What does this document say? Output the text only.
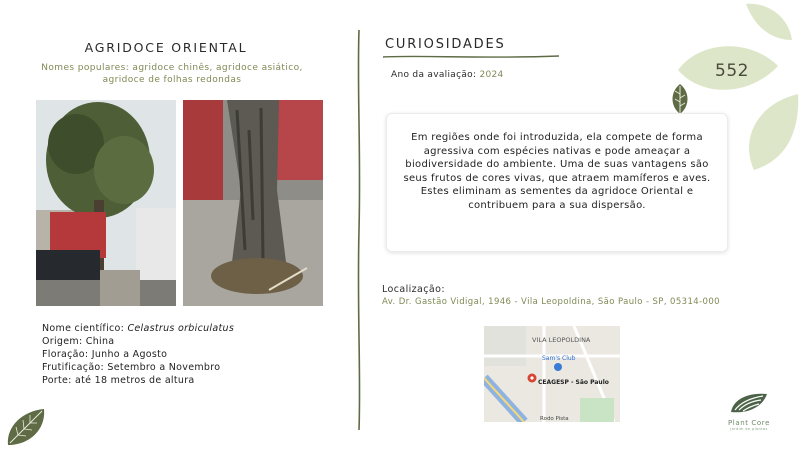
552
AGRIDOCE ORIENTAL
Nomes populares: agridoce chinês, agridoce asiático, agridoce de folhas redondas
Nome científico: Celastrus orbiculatus
Origem: China
Floração: Junho a Agosto
Frutificação: Setembro a Novembro
Porte: até 18 metros de altura
CURIOSIDADES
Ano da avaliação: 2024

Em regiões onde foi introduzida, ela compete de forma agressiva com espécies nativas e pode ameaçar a biodiversidade do ambiente. Uma de suas vantagens são seus frutos de cores vivas, que atraem mamíferos e aves. Estes eliminam as sementes da agridoce Oriental e contribuem para a sua dispersão.

Localização:
Av. Dr. Gastão Vidigal, 1946 - Vila Leopoldina, São Paulo - SP, 05314-000
VILA LEOPOLDINA
Sam's Club
CEAGESP - São Paulo
Rodo Pista	Plant Core
jardim de plantas
